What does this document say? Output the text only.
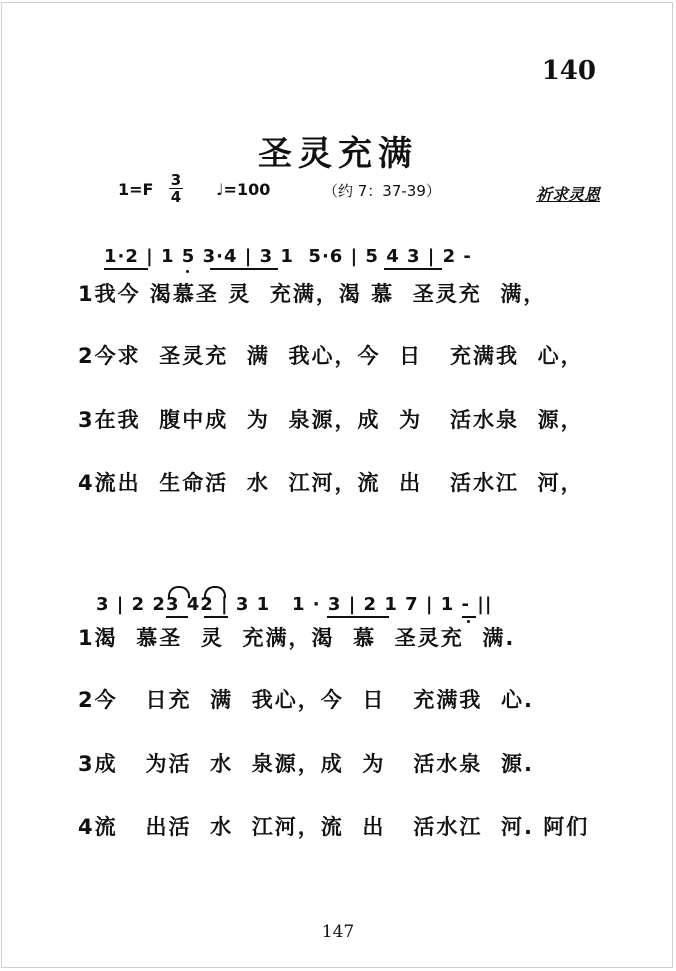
140
圣灵充满
1=F 3
4 ♩=100	（约 7：37-39）	祈求灵恩
1·2 | 1 5 3·4 | 3 1  5·6 | 5 4 3 | 2 -
1我今 渴慕圣 灵  充满，渴 慕  圣灵充  满，
2今求  圣灵充  满  我心，今  日   充满我  心，
3在我  腹中成  为  泉源，成  为   活水泉  源，
4流出  生命活  水  江河，流  出   活水江  河，
3 | 2 23 42 | 3 1   1 · 3 | 2 1 7 | 1 - ||
1渴  慕圣  灵  充满，渴  慕  圣灵充  满.
2今   日充  满  我心，今  日   充满我  心.
3成   为活  水  泉源，成  为   活水泉  源.
4流   出活  水  江河，流  出   活水江  河. 阿们
147
